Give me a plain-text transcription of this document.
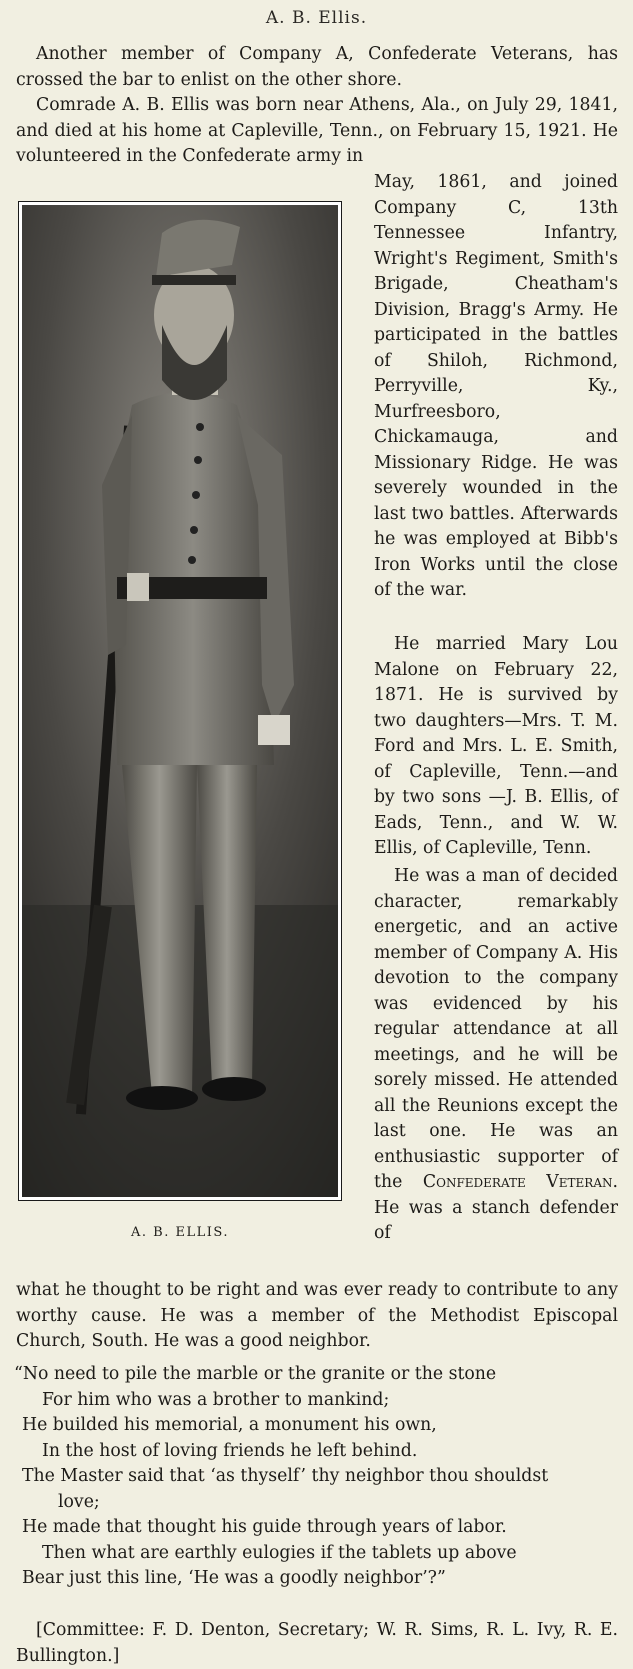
A. B. Ellis.

Another member of Company A, Confederate Veterans, has crossed the bar to enlist on the other shore.

Comrade A. B. Ellis was born near Athens, Ala., on July 29, 1841, and died at his home at Capleville, Tenn., on February 15, 1921. He volunteered in the Confederate army in

A. B. ELLIS.

May, 1861, and joined Company C, 13th Tennessee Infantry, Wright's Regiment, Smith's Brigade, Cheatham's Division, Bragg's Army. He participated in the battles of Shiloh, Richmond, Perryville, Ky., Murfreesboro, Chickamauga, and Missionary Ridge. He was severely wounded in the last two battles. Afterwards he was employed at Bibb's Iron Works until the close of the war.

He married Mary Lou Malone on February 22, 1871. He is survived by two daughters—Mrs. T. M. Ford and Mrs. L. E. Smith, of Capleville, Tenn.—and by two sons —J. B. Ellis, of Eads, Tenn., and W. W. Ellis, of Capleville, Tenn.

He was a man of decided character, remarkably energetic, and an active member of Company A. His devotion to the company was evidenced by his regular attendance at all meetings, and he will be sorely missed. He attended all the Reunions except the last one. He was an enthusiastic supporter of the Confederate Veteran. He was a stanch defender of

what he thought to be right and was ever ready to contribute to any worthy cause. He was a member of the Methodist Episcopal Church, South. He was a good neighbor.

“No need to pile the marble or the granite or the stone
For him who was a brother to mankind;
He builded his memorial, a monument his own,
In the host of loving friends he left behind.
The Master said that ‘as thyself’ thy neighbor thou shouldst
love;
He made that thought his guide through years of labor.
Then what are earthly eulogies if the tablets up above
Bear just this line, ‘He was a goodly neighbor’?”

[Committee: F. D. Denton, Secretary; W. R. Sims, R. L. Ivy, R. E. Bullington.]
